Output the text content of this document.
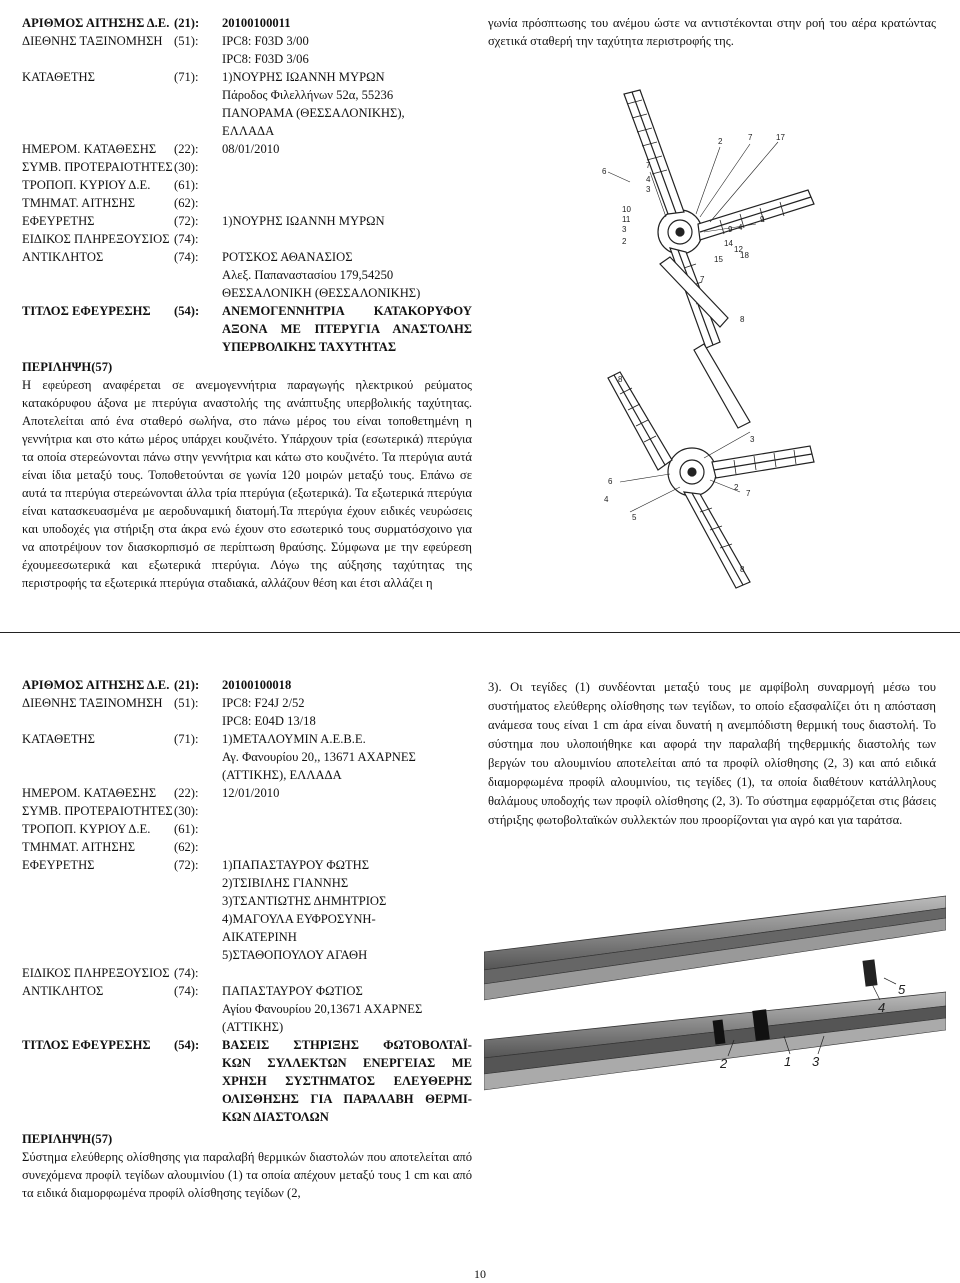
ΑΡΙΘΜΟΣ ΑΙΤΗΣΗΣ Δ.Ε. (21):	20100100011
ΔΙΕΘΝΗΣ ΤΑΞΙΝΟΜΗΣΗ (51):	IPC8: F03D 3/00
IPC8: F03D 3/06
ΚΑΤΑΘΕΤΗΣ	(71):	1)ΝΟΥΡΗΣ ΙΩΑΝΝΗ ΜΥΡΩΝ
Πάροδος Φιλελλήνων 52α, 55236
ΠΑΝΟΡΑΜΑ (ΘΕΣΣΑΛΟΝΙΚΗΣ),
ΕΛΛΑΔΑ
ΗΜΕΡΟΜ. ΚΑΤΑΘΕΣΗΣ	(22):	08/01/2010
ΣΥΜΒ. ΠΡΟΤΕΡΑΙΟΤΗΤΕΣ (30):
ΤΡΟΠΟΠ. ΚΥΡΙΟΥ Δ.Ε.	(61):
ΤΜΗΜΑΤ. ΑΙΤΗΣΗΣ	(62):
ΕΦΕΥΡΕΤΗΣ	(72):	1)ΝΟΥΡΗΣ ΙΩΑΝΝΗ ΜΥΡΩΝ
ΕΙΔΙΚΟΣ ΠΛΗΡΕΞΟΥΣΙΟΣ (74):
ΑΝΤΙΚΛΗΤΟΣ	(74):	ΡΟΤΣΚΟΣ ΑΘΑΝΑΣΙΟΣ
Αλεξ. Παπαναστασίου 179,54250
ΘΕΣΣΑΛΟΝΙΚΗ (ΘΕΣΣΑΛΟΝΙΚΗΣ)
ΤΙΤΛΟΣ ΕΦΕΥΡΕΣΗΣ	(54):	ΑΝΕΜΟΓΕΝΝΗΤΡΙΑ ΚΑΤΑΚΟΡΥΦΟΥ
ΑΞΟΝΑ ΜΕ ΠΤΕΡΥΓΙΑ ΑΝΑΣΤΟΛΗΣ
ΥΠΕΡΒΟΛΙΚΗΣ ΤΑΧΥΤΗΤΑΣ
ΠΕΡΙΛΗΨΗ(57)

Η εφεύρεση αναφέρεται σε ανεμογεννήτρια παραγωγής ηλεκτρικού ρεύματος κατακόρυφου άξονα με πτερύγια αναστολής της ανάπτυξης υπερβολικής ταχύτητας. Αποτελείται από ένα σταθερό σωλήνα, στο πάνω μέρος του είναι τοποθετημένη η γεννήτρια και στο κάτω μέρος υπάρχει κουζινέτο. Υπάρχουν τρία (εσωτερικά) πτερύγια τα οποία στερεώνονται πάνω στην γεννήτρια και κάτω στο κουζινέτο. Τα πτερύγια αυτά είναι ίδια μεταξύ τους. Τοποθετούνται σε γωνία 120 μοιρών μεταξύ τους. Επάνω σε αυτά τα πτερύγια στερεώνονται άλλα τρία πτερύγια (εξωτερικά). Τα εξωτερικά πτερύγια είναι κατασκευασμένα με αεροδυναμική διατομή.Τα πτερύγια έχουν ειδικές νευρώσεις και υποδοχές για στήριξη στα άκρα ενώ έχουν στο εσωτερικό τους συρματόσχοινο για να αποτρέψουν τον διασκορπισμό σε περίπτωση θραύσης. Σύμφωνα με την εφεύρεση έχουμεεσωτερικά και εξωτερικά πτερύγια. Λόγω της αύξησης ταχύτητας της περιστροφής τα εξωτερικά πτερύγια σταδιακά, αλλάζουν θέση και έτσι αλλάζει η

γωνία πρόσπτωσης του ανέμου ώστε να αντιστέκονται στην ροή του αέρα κρατώντας σχετικά σταθερή την ταχύτητα περιστροφής της.
6
7
2	7	17
4
3
10
11
3
2
9
9 4
14
12
18
15
7
8
6
4
2
7
3
5
8
8
ΑΡΙΘΜΟΣ ΑΙΤΗΣΗΣ Δ.Ε. (21):	20100100018
ΔΙΕΘΝΗΣ ΤΑΞΙΝΟΜΗΣΗ (51):	IPC8: F24J 2/52
IPC8: E04D 13/18
ΚΑΤΑΘΕΤΗΣ	(71):	1)ΜΕΤΑΛΟΥΜΙΝ Α.Ε.Β.Ε.
Αγ. Φανουρίου 20,, 13671 ΑΧΑΡΝΕΣ
(ΑΤΤΙΚΗΣ), ΕΛΛΑΔΑ
ΗΜΕΡΟΜ. ΚΑΤΑΘΕΣΗΣ	(22):	12/01/2010
ΣΥΜΒ. ΠΡΟΤΕΡΑΙΟΤΗΤΕΣ (30):
ΤΡΟΠΟΠ. ΚΥΡΙΟΥ Δ.Ε.	(61):
ΤΜΗΜΑΤ. ΑΙΤΗΣΗΣ	(62):
ΕΦΕΥΡΕΤΗΣ	(72):	1)ΠΑΠΑΣΤΑΥΡΟΥ ΦΩΤΗΣ
2)ΤΣΙΒΙΛΗΣ ΓΙΑΝΝΗΣ
3)ΤΣΑΝΤΙΩΤΗΣ ΔΗΜΗΤΡΙΟΣ
4)ΜΑΓΟΥΛΑ ΕΥΦΡΟΣΥΝΗ-
ΑΙΚΑΤΕΡΙΝΗ
5)ΣΤΑΘΟΠΟΥΛΟΥ ΑΓΑΘΗ
ΕΙΔΙΚΟΣ ΠΛΗΡΕΞΟΥΣΙΟΣ (74):
ΑΝΤΙΚΛΗΤΟΣ	(74):	ΠΑΠΑΣΤΑΥΡΟΥ ΦΩΤΙΟΣ
Αγίου Φανουρίου 20,13671 ΑΧΑΡΝΕΣ
(ΑΤΤΙΚΗΣ)
ΤΙΤΛΟΣ ΕΦΕΥΡΕΣΗΣ	(54):	ΒΑΣΕΙΣ ΣΤΗΡΙΞΗΣ ΦΩΤΟΒΟΛΤΑΪ-
ΚΩΝ ΣΥΛΛΕΚΤΩΝ ΕΝΕΡΓΕΙΑΣ ΜΕ
ΧΡΗΣΗ ΣΥΣΤΗΜΑΤΟΣ ΕΛΕΥΘΕΡΗΣ
ΟΛΙΣΘΗΣΗΣ ΓΙΑ ΠΑΡΑΛΑΒΗ ΘΕΡΜΙ-
ΚΩΝ ΔΙΑΣΤΟΛΩΝ
ΠΕΡΙΛΗΨΗ(57)

Σύστημα ελεύθερης ολίσθησης για παραλαβή θερμικών διαστολών που αποτελείται από συνεχόμενα προφίλ τεγίδων αλουμινίου (1) τα οποία απέχουν μεταξύ τους 1 cm και από τα ειδικά διαμορφωμένα προφίλ ολίσθησης τεγίδων (2,

3). Οι τεγίδες (1) συνδέονται μεταξύ τους με αμφίβολη συναρμογή μέσω του συστήματος ελεύθερης ολίσθησης των τεγίδων, το οποίο εξασφαλίζει ότι η απόσταση ανάμεσα τους είναι 1 cm άρα είναι δυνατή η ανεμπόδιστη θερμική τους διαστολή. Το σύστημα που υλοποιήθηκε και αφορά την παραλαβή τηςθερμικής διαστολής των βεργών του αλουμινίου αποτελείται από τα προφίλ ολίσθησης (2, 3) και από ειδικά διαμορφωμένα προφίλ αλουμινίου, τις τεγίδες (1), τα οποία διαθέτουν κατάλληλους θαλάμους υποδοχής των προφίλ ολίσθησης (2, 3). Το σύστημα εφαρμόζεται στις βάσεις στήριξης φωτοβολταϊκών συλλεκτών που προορίζονται για αγρό και για ταράτσα.
1
2
5
3
4
10
